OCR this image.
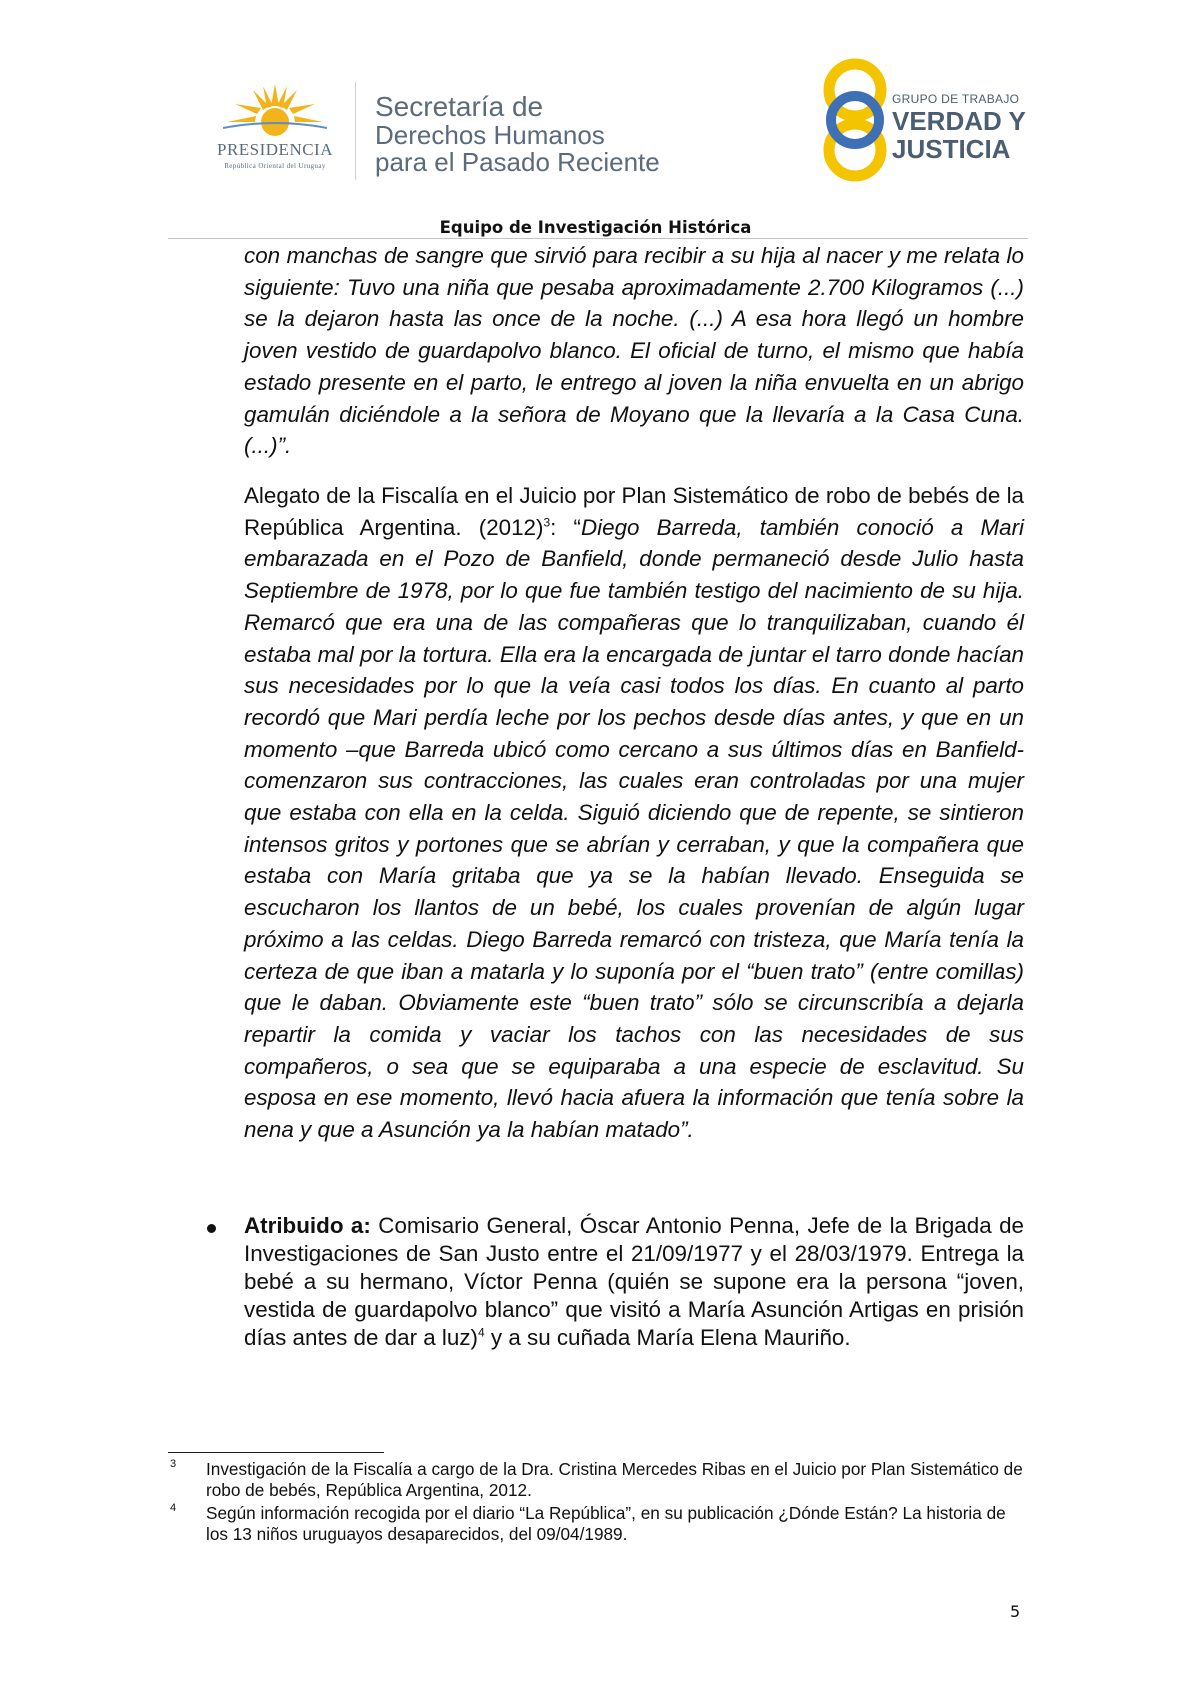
PRESIDENCIA
República Oriental del Uruguay
Secretaría de
Derechos Humanos
para el Pasado Reciente
GRUPO DE TRABAJO
VERDAD Y
JUSTICIA
Equipo de Investigación Histórica

con manchas de sangre que sirvió para recibir a su hija al nacer y me relata lo siguiente: Tuvo una niña que pesaba aproximadamente 2.700 Kilogramos (...) se la dejaron hasta las once de la noche. (...) A esa hora llegó un hombre joven vestido de guardapolvo blanco. El oficial de turno, el mismo que había estado presente en el parto, le entrego al joven la niña envuelta en un abrigo gamulán diciéndole a la señora de Moyano que la llevaría a la Casa Cuna. (...)”.

Alegato de la Fiscalía en el Juicio por Plan Sistemático de robo de bebés de la República Argentina. $(2012)^3$: “Diego Barreda, también conoció a Mari embarazada en el Pozo de Banfield, donde permaneció desde Julio hasta Septiembre de 1978, por lo que fue también testigo del nacimiento de su hija. Remarcó que era una de las compañeras que lo tranquilizaban, cuando él estaba mal por la tortura. Ella era la encargada de juntar el tarro donde hacían sus necesidades por lo que la veía casi todos los días. En cuanto al parto recordó que Mari perdía leche por los pechos desde días antes, y que en un momento –que Barreda ubicó como cercano a sus últimos días en Banfield- comenzaron sus contracciones, las cuales eran controladas por una mujer que estaba con ella en la celda. Siguió diciendo que de repente, se sintieron intensos gritos y portones que se abrían y cerraban, y que la compañera que estaba con María gritaba que ya se la habían llevado. Enseguida se escucharon los llantos de un bebé, los cuales provenían de algún lugar próximo a las celdas. Diego Barreda remarcó con tristeza, que María tenía la certeza de que iban a matarla y lo suponía por el “buen trato” (entre comillas) que le daban. Obviamente este “buen trato” sólo se circunscribía a dejarla repartir la comida y vaciar los tachos con las necesidades de sus compañeros, o sea que se equiparaba a una especie de esclavitud. Su esposa en ese momento, llevó hacia afuera la información que tenía sobre la nena y que a Asunción ya la habían matado”.

Atribuido a: Comisario General, Óscar Antonio Penna, Jefe de la Brigada de Investigaciones de San Justo entre el 21/09/1977 y el 28/03/1979. Entrega la bebé a su hermano, Víctor Penna (quién se supone era la persona “joven, vestida de guardapolvo blanco” que visitó a María Asunción Artigas en prisión días antes de dar a luz)$^4$ y a su cuñada María Elena Mauriño.

3 Investigación de la Fiscalía a cargo de la Dra. Cristina Mercedes Ribas en el Juicio por Plan Sistemático de robo de bebés, República Argentina, 2012.
4 Según información recogida por el diario “La República”, en su publicación ¿Dónde Están? La historia de los 13 niños uruguayos desaparecidos, del 09/04/1989.
5
